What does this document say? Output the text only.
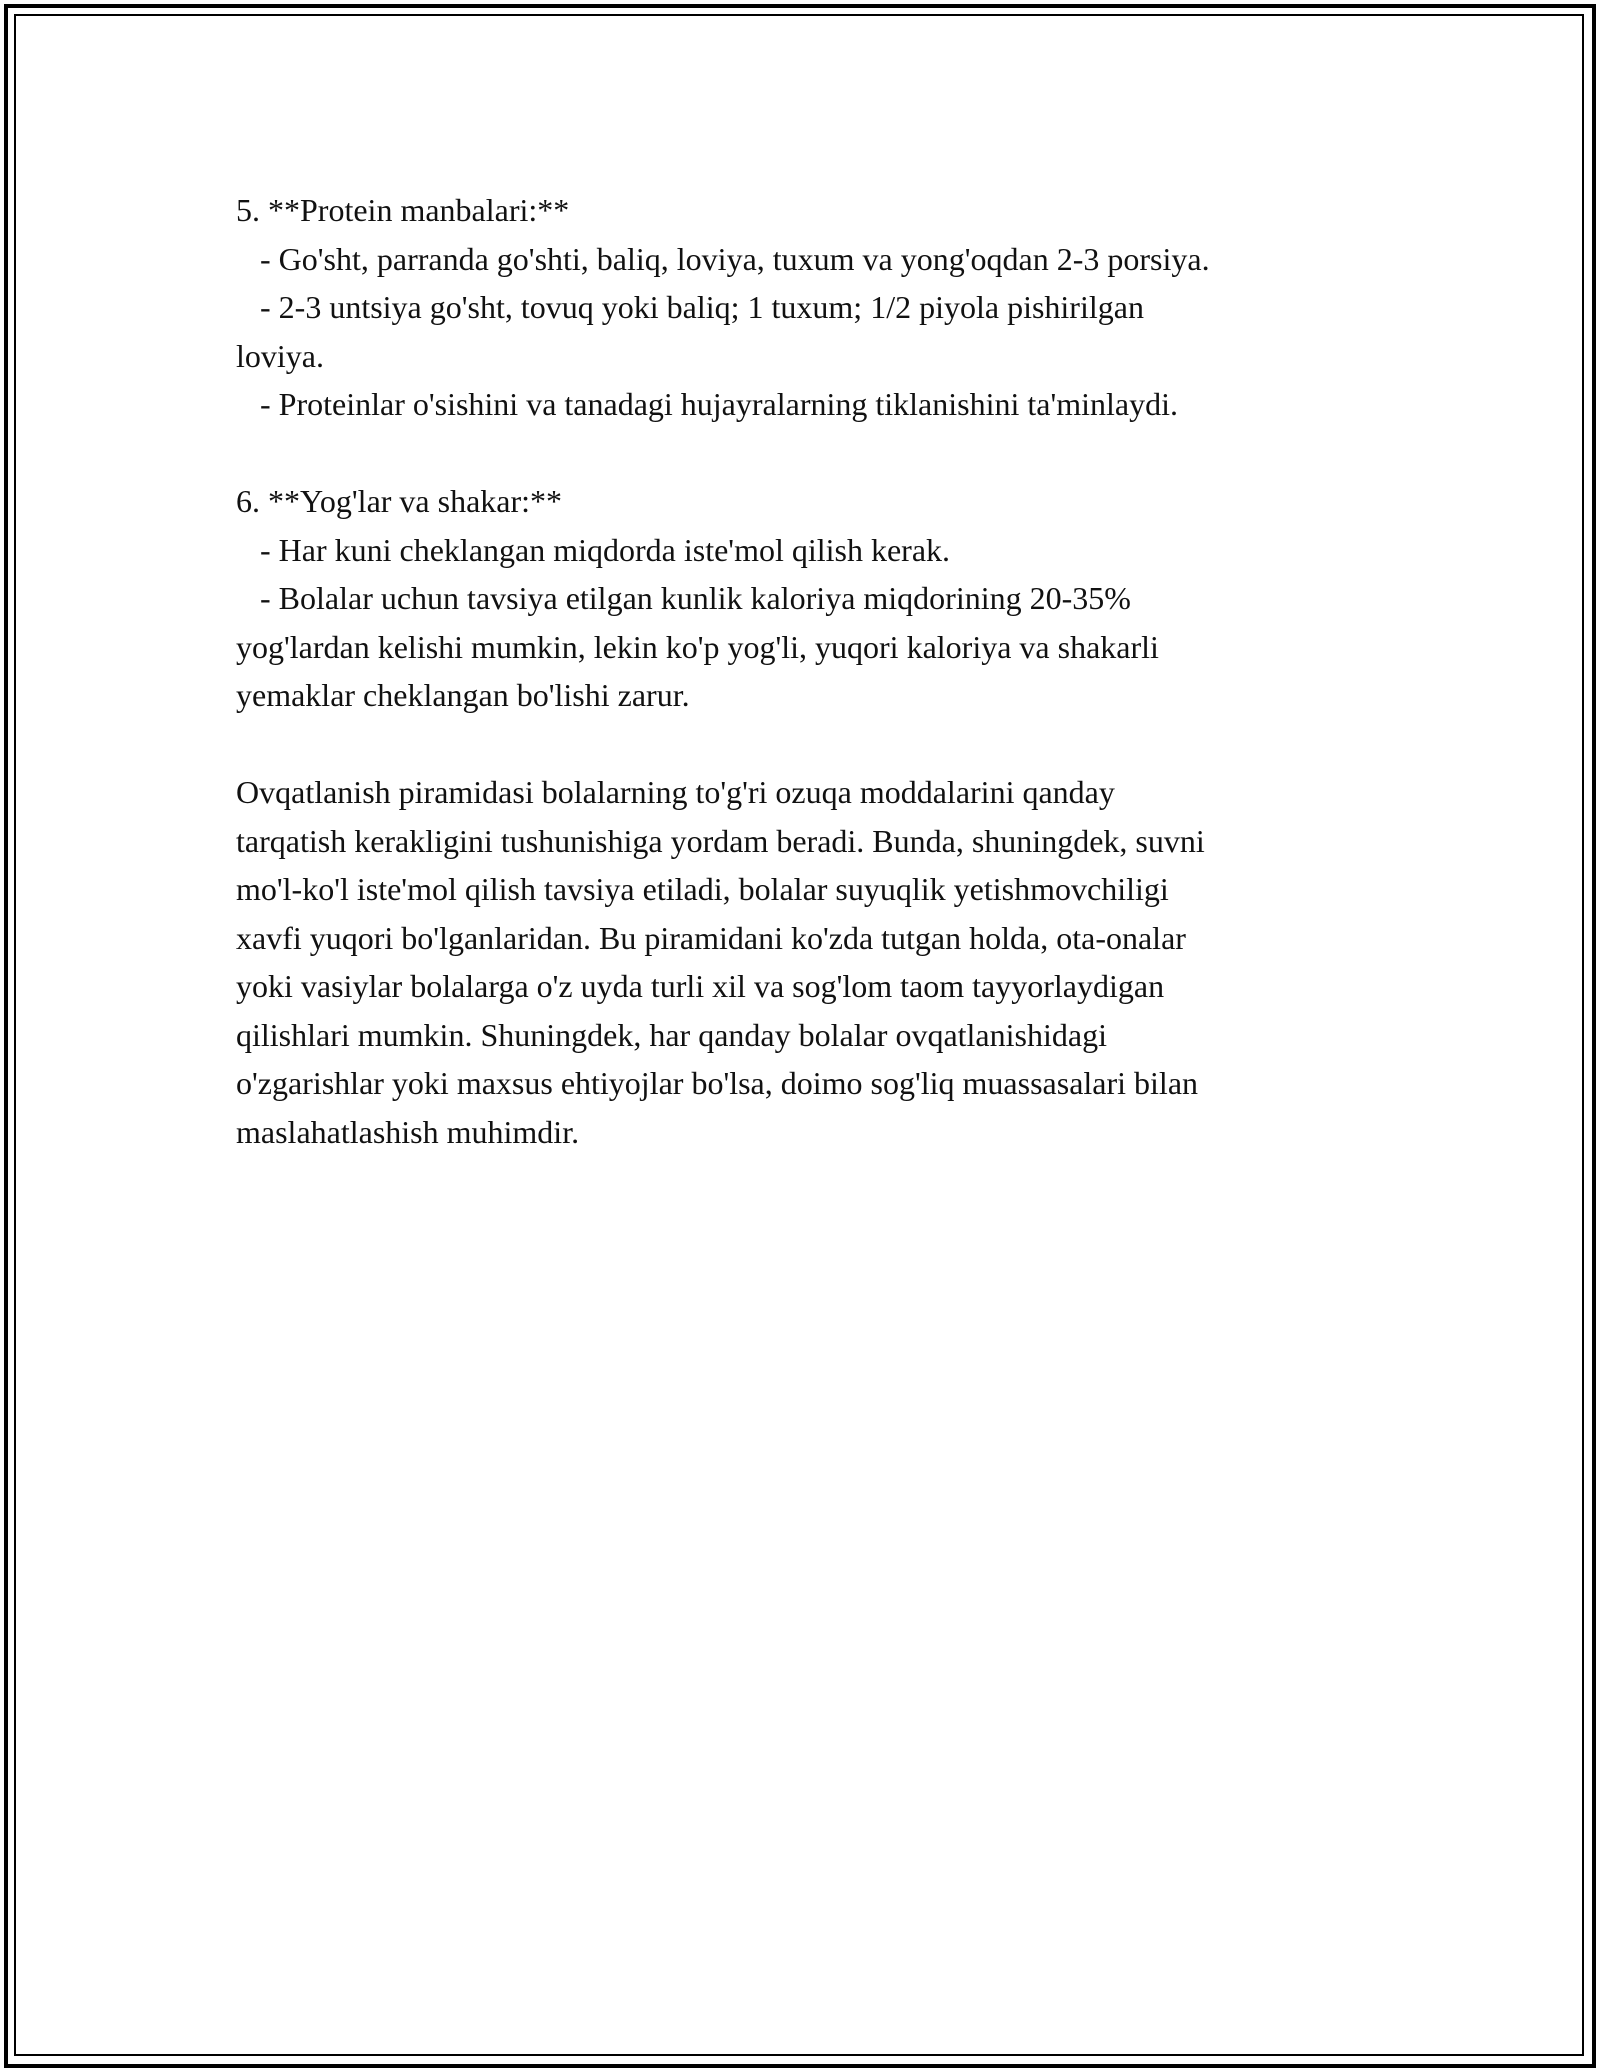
5. **Protein manbalari:**

- Go'sht, parranda go'shti, baliq, loviya, tuxum va yong'oqdan 2-3 porsiya.

- 2-3 untsiya go'sht, tovuq yoki baliq; 1 tuxum; 1/2 piyola pishirilgan

loviya.

- Proteinlar o'sishini va tanadagi hujayralarning tiklanishini ta'minlaydi.

6. **Yog'lar va shakar:**

- Har kuni cheklangan miqdorda iste'mol qilish kerak.

- Bolalar uchun tavsiya etilgan kunlik kaloriya miqdorining 20-35%

yog'lardan kelishi mumkin, lekin ko'p yog'li, yuqori kaloriya va shakarli

yemaklar cheklangan bo'lishi zarur.

Ovqatlanish piramidasi bolalarning to'g'ri ozuqa moddalarini qanday

tarqatish kerakligini tushunishiga yordam beradi. Bunda, shuningdek, suvni

mo'l-ko'l iste'mol qilish tavsiya etiladi, bolalar suyuqlik yetishmovchiligi

xavfi yuqori bo'lganlaridan. Bu piramidani ko'zda tutgan holda, ota-onalar

yoki vasiylar bolalarga o'z uyda turli xil va sog'lom taom tayyorlaydigan

qilishlari mumkin. Shuningdek, har qanday bolalar ovqatlanishidagi

o'zgarishlar yoki maxsus ehtiyojlar bo'lsa, doimo sog'liq muassasalari bilan

maslahatlashish muhimdir.
